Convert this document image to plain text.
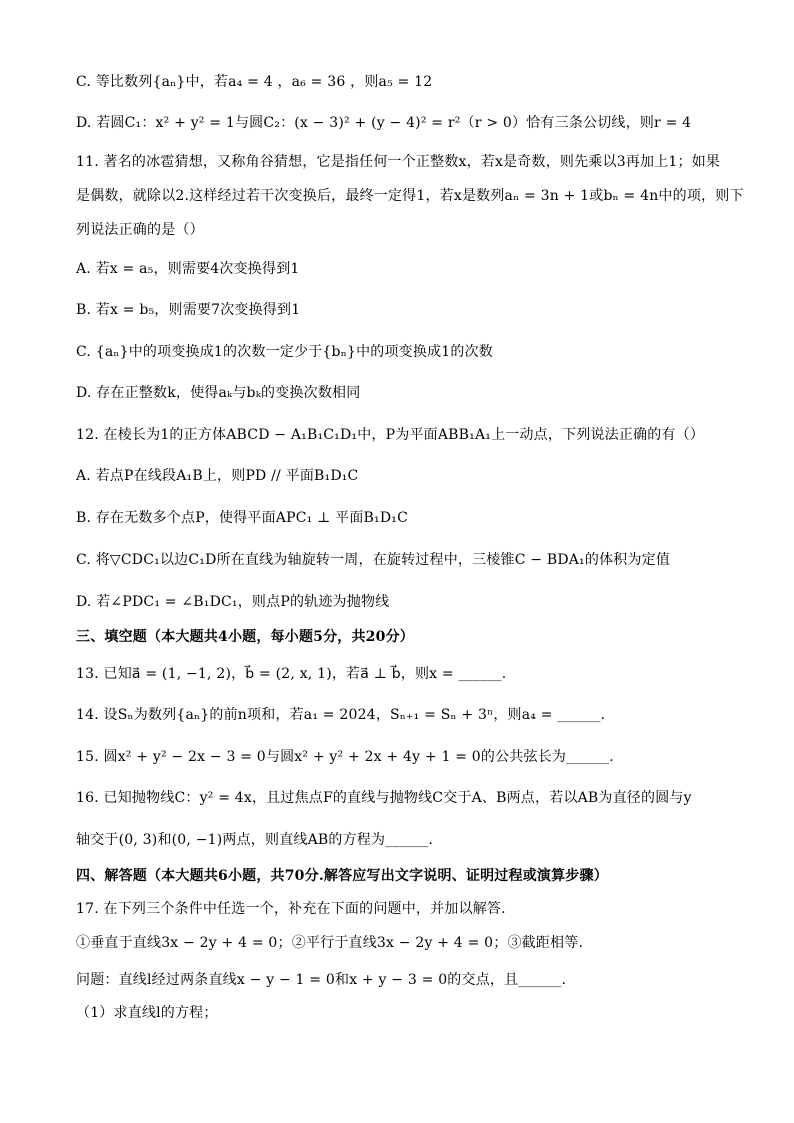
C. 等比数列{aₙ}中，若a₄ = 4 ，a₆ = 36 ，则a₅ = 12
D. 若圆C₁：x² + y² = 1与圆C₂：(x − 3)² + (y − 4)² = r²（r > 0）恰有三条公切线，则r = 4
11. 著名的冰雹猜想，又称角谷猜想，它是指任何一个正整数x，若x是奇数，则先乘以3再加上1；如果
是偶数，就除以2.这样经过若干次变换后，最终一定得1，若x是数列aₙ = 3n + 1或bₙ = 4n中的项，则下
列说法正确的是（）
A. 若x = a₅，则需要4次变换得到1
B. 若x = b₅，则需要7次变换得到1
C. {aₙ}中的项变换成1的次数一定少于{bₙ}中的项变换成1的次数
D. 存在正整数k，使得aₖ与bₖ的变换次数相同
12. 在棱长为1的正方体ABCD − A₁B₁C₁D₁中，P为平面ABB₁A₁上一动点，下列说法正确的有（）
A. 若点P在线段A₁B上，则PD // 平面B₁D₁C
B. 存在无数多个点P，使得平面APC₁ ⊥ 平面B₁D₁C
C. 将▽CDC₁以边C₁D所在直线为轴旋转一周，在旋转过程中，三棱锥C − BDA₁的体积为定值
D. 若∠PDC₁ = ∠B₁DC₁，则点P的轨迹为抛物线
三、填空题（本大题共4小题，每小题5分，共20分）
13. 已知a⃗ = (1, −1, 2)，b⃗ = (2, x, 1)，若a⃗ ⊥ b⃗，则x = ______.
14. 设Sₙ为数列{aₙ}的前n项和，若a₁ = 2024，Sₙ₊₁ = Sₙ + 3ⁿ，则a₄ = ______.
15. 圆x² + y² − 2x − 3 = 0与圆x² + y² + 2x + 4y + 1 = 0的公共弦长为______.
16. 已知抛物线C：y² = 4x，且过焦点F的直线与抛物线C交于A、B两点，若以AB为直径的圆与y
轴交于(0, 3)和(0, −1)两点，则直线AB的方程为______.
四、解答题（本大题共6小题，共70分.解答应写出文字说明、证明过程或演算步骤）
17. 在下列三个条件中任选一个，补充在下面的问题中，并加以解答.
①垂直于直线3x − 2y + 4 = 0；②平行于直线3x − 2y + 4 = 0；③截距相等.
问题：直线l经过两条直线x − y − 1 = 0和x + y − 3 = 0的交点，且______.
（1）求直线l的方程；
